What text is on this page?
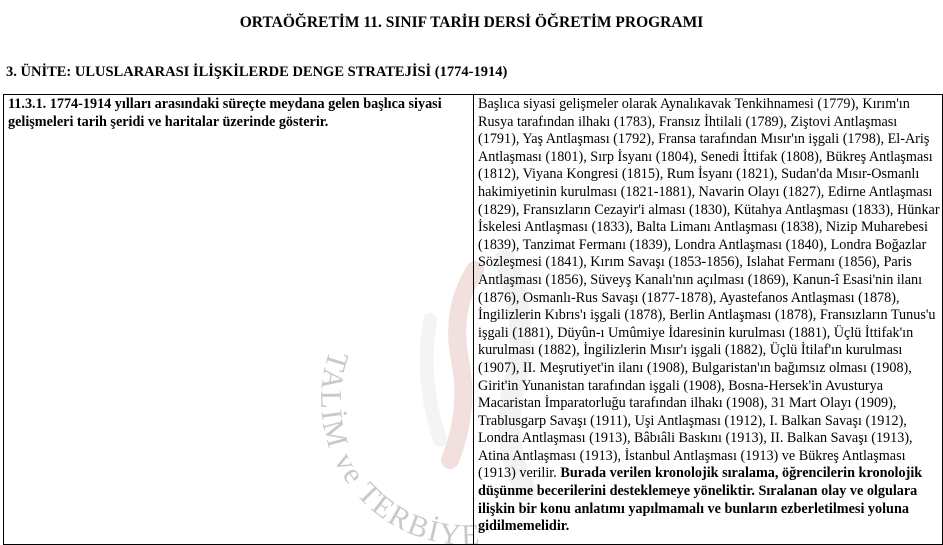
ORTAÖĞRETİM 11. SINIF TARİH DERSİ ÖĞRETİM PROGRAMI
3. ÜNİTE: ULUSLARARASI İLİŞKİLERDE DENGE STRATEJİSİ (1774-1914)
TALİM ve TERBİYE
11.3.1. 1774-1914 yılları arasındaki süreçte meydana gelen başlıca siyasi gelişmeleri tarih şeridi ve haritalar üzerinde gösterir.	Başlıca siyasi gelişmeler olarak Aynalıkavak Tenkihnamesi (1779), Kırım'ın Rusya tarafından ilhakı (1783), Fransız İhtilali (1789), Ziştovi Antlaşması (1791), Yaş Antlaşması (1792), Fransa tarafından Mısır'ın işgali (1798), El-Ariş Antlaşması (1801), Sırp İsyanı (1804), Senedi İttifak (1808), Bükreş Antlaşması (1812), Viyana Kongresi (1815), Rum İsyanı (1821), Sudan'da Mısır-Osmanlı hakimiyetinin kurulması (1821-1881), Navarin Olayı (1827), Edirne Antlaşması (1829), Fransızların Cezayir'i alması (1830), Kütahya Antlaşması (1833), Hünkar İskelesi Antlaşması (1833), Balta Limanı Antlaşması (1838), Nizip Muharebesi (1839), Tanzimat Fermanı (1839), Londra Antlaşması (1840), Londra Boğazlar Sözleşmesi (1841), Kırım Savaşı (1853-1856), Islahat Fermanı (1856), Paris Antlaşması (1856), Süveyş Kanalı'nın açılması (1869), Kanun-î Esasi'nin ilanı (1876), Osmanlı-Rus Savaşı (1877-1878), Ayastefanos Antlaşması (1878), İngilizlerin Kıbrıs'ı işgali (1878), Berlin Antlaşması (1878), Fransızların Tunus'u işgali (1881), Düyûn-ı Umûmiye İdaresinin kurulması (1881), Üçlü İttifak'ın kurulması (1882), İngilizlerin Mısır'ı işgali (1882), Üçlü İtilaf'ın kurulması (1907), II. Meşrutiyet'in ilanı (1908), Bulgaristan'ın bağımsız olması (1908), Girit'in Yunanistan tarafından işgali (1908), Bosna-Hersek'in Avusturya Macaristan İmparatorluğu tarafından ilhakı (1908), 31 Mart Olayı (1909), Trablusgarp Savaşı (1911), Uşi Antlaşması (1912), I. Balkan Savaşı (1912), Londra Antlaşması (1913), Bâbıâli Baskını (1913), II. Balkan Savaşı (1913), Atina Antlaşması (1913), İstanbul Antlaşması (1913) ve Bükreş Antlaşması (1913) verilir. Burada verilen kronolojik sıralama, öğrencilerin kronolojik düşünme becerilerini desteklemeye yöneliktir. Sıralanan olay ve olgulara ilişkin bir konu anlatımı yapılmamalı ve bunların ezberletilmesi yoluna gidilmemelidir.
